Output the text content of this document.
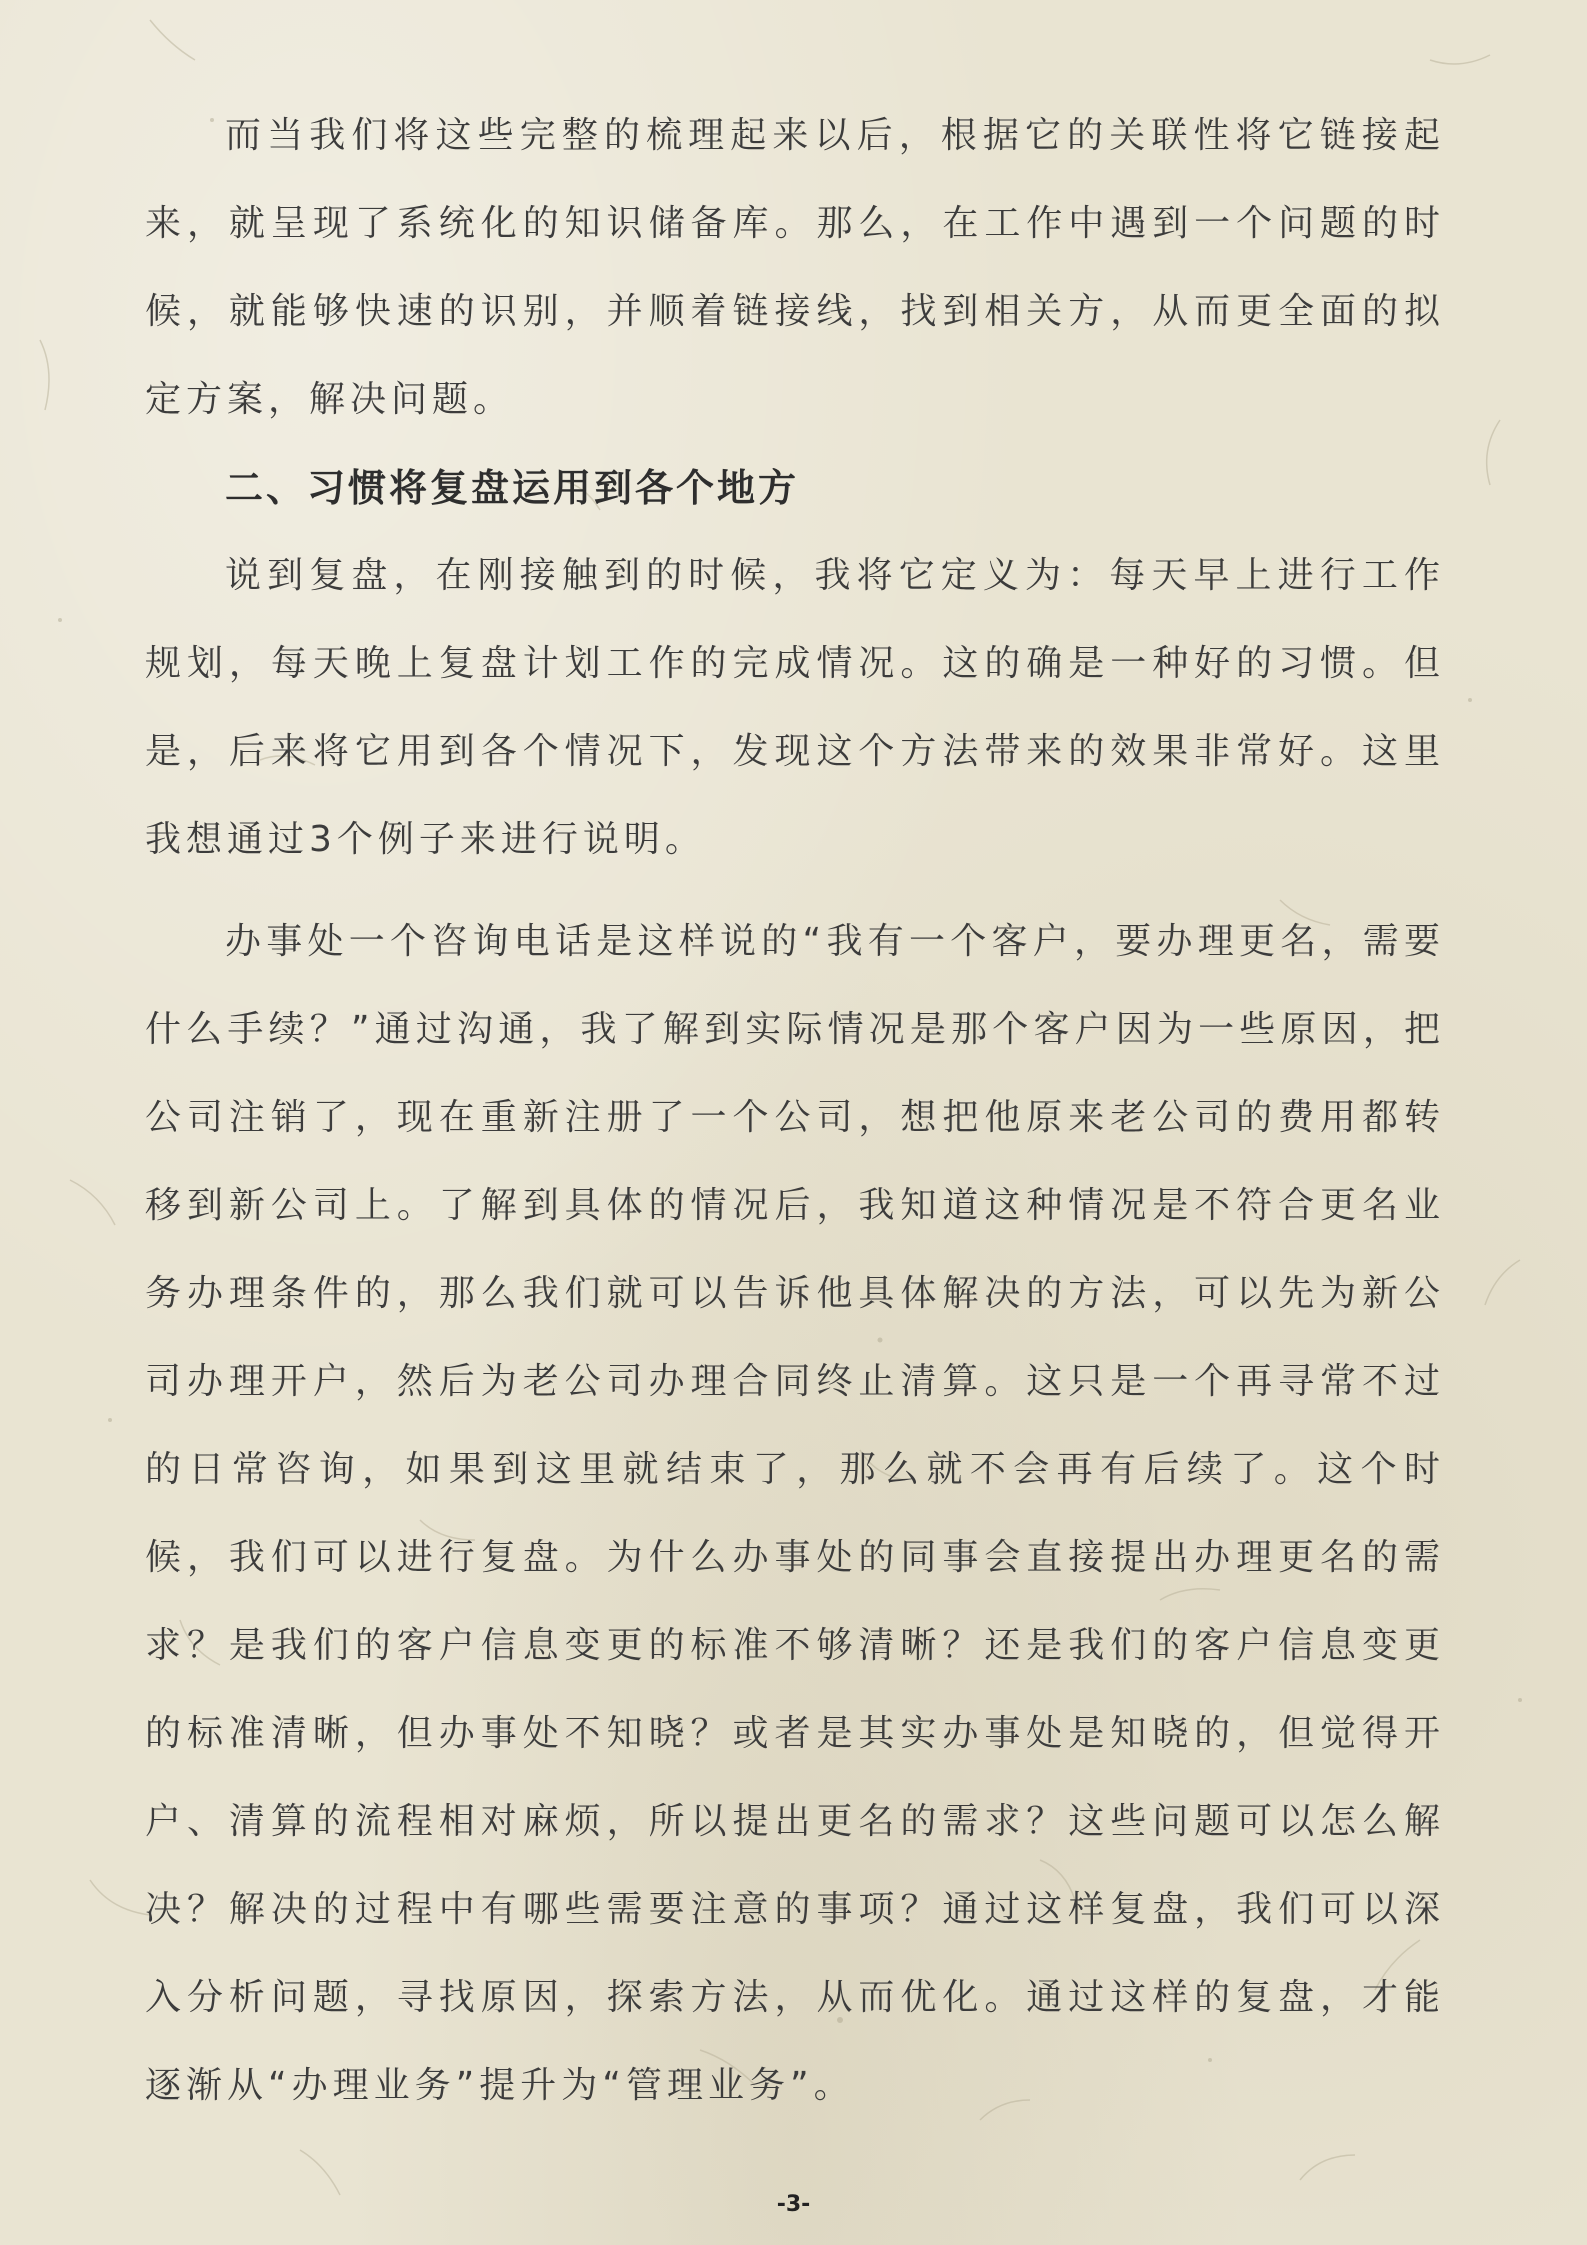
而当我们将这些完整的梳理起来以后，根据它的关联性将它链接起来，就呈现了系统化的知识储备库。那么，在工作中遇到一个问题的时候，就能够快速的识别，并顺着链接线，找到相关方，从而更全面的拟定方案，解决问题。

二、习惯将复盘运用到各个地方

说到复盘，在刚接触到的时候，我将它定义为：每天早上进行工作规划，每天晚上复盘计划工作的完成情况。这的确是一种好的习惯。但是，后来将它用到各个情况下，发现这个方法带来的效果非常好。这里我想通过3个例子来进行说明。

办事处一个咨询电话是这样说的“我有一个客户，要办理更名，需要什么手续？”通过沟通，我了解到实际情况是那个客户因为一些原因，把公司注销了，现在重新注册了一个公司，想把他原来老公司的费用都转移到新公司上。了解到具体的情况后，我知道这种情况是不符合更名业务办理条件的，那么我们就可以告诉他具体解决的方法，可以先为新公司办理开户，然后为老公司办理合同终止清算。这只是一个再寻常不过的日常咨询，如果到这里就结束了，那么就不会再有后续了。这个时候，我们可以进行复盘。为什么办事处的同事会直接提出办理更名的需求？是我们的客户信息变更的标准不够清晰？还是我们的客户信息变更的标准清晰，但办事处不知晓？或者是其实办事处是知晓的，但觉得开户、清算的流程相对麻烦，所以提出更名的需求？这些问题可以怎么解决？解决的过程中有哪些需要注意的事项？通过这样复盘，我们可以深入分析问题，寻找原因，探索方法，从而优化。通过这样的复盘，才能逐渐从“办理业务”提升为“管理业务”。

-3-
